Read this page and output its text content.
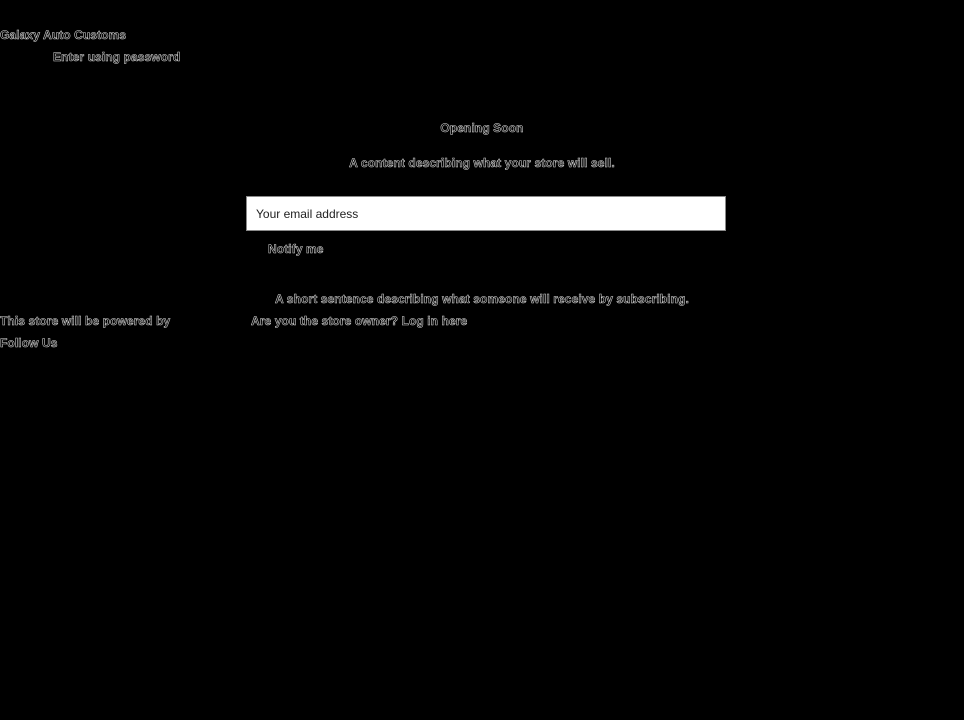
Galaxy Auto Customs
Enter using password
Opening Soon
A content describing what your store will sell.
Your email address
Notify me
A short sentence describing what someone will receive by subscribing.
This store will be powered by	Are you the store owner? Log in here
Follow Us
